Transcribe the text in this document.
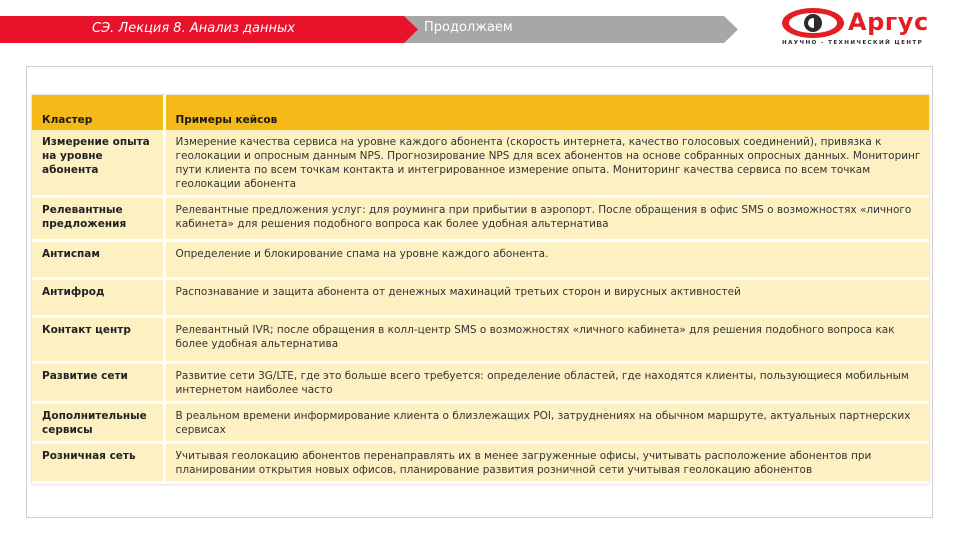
СЭ. Лекция 8. Анализ данных	Продолжаем	Аргус
НАУЧНО - ТЕХНИЧЕСКИЙ ЦЕНТР
Кластер	Примеры кейсов
Измерение опыта на уровне абонента	Измерение качества сервиса на уровне каждого абонента (скорость интернета, качество голосовых соединений), привязка к геолокации и опросным данным NPS. Прогнозирование NPS для всех абонентов на основе собранных опросных данных. Мониторинг пути клиента по всем точкам контакта и интегрированное измерение опыта. Мониторинг качества сервиса по всем точкам геолокации абонента
Релевантные предложения	Релевантные предложения услуг: для роуминга при прибытии в аэропорт. После обращения в офис SMS о возможностях «личного кабинета» для решения подобного вопроса как более удобная альтернатива
Антиспам	Определение и блокирование спама на уровне каждого абонента.
Антифрод	Распознавание и защита абонента от денежных махинаций третьих сторон и вирусных активностей
Контакт центр	Релевантный IVR; после обращения в колл-центр SMS о возможностях «личного кабинета» для решения подобного вопроса как более удобная альтернатива
Развитие сети	Развитие сети 3G/LTE, где это больше всего требуется: определение областей, где находятся клиенты, пользующиеся мобильным интернетом наиболее часто
Дополнительные сервисы	В реальном времени информирование клиента о близлежащих POI, затруднениях на обычном маршруте, актуальных партнерских сервисах
Розничная сеть	Учитывая геолокацию абонентов перенаправлять их в менее загруженные офисы, учитывать расположение абонентов при планировании открытия новых офисов, планирование развития розничной сети учитывая геолокацию абонентов
